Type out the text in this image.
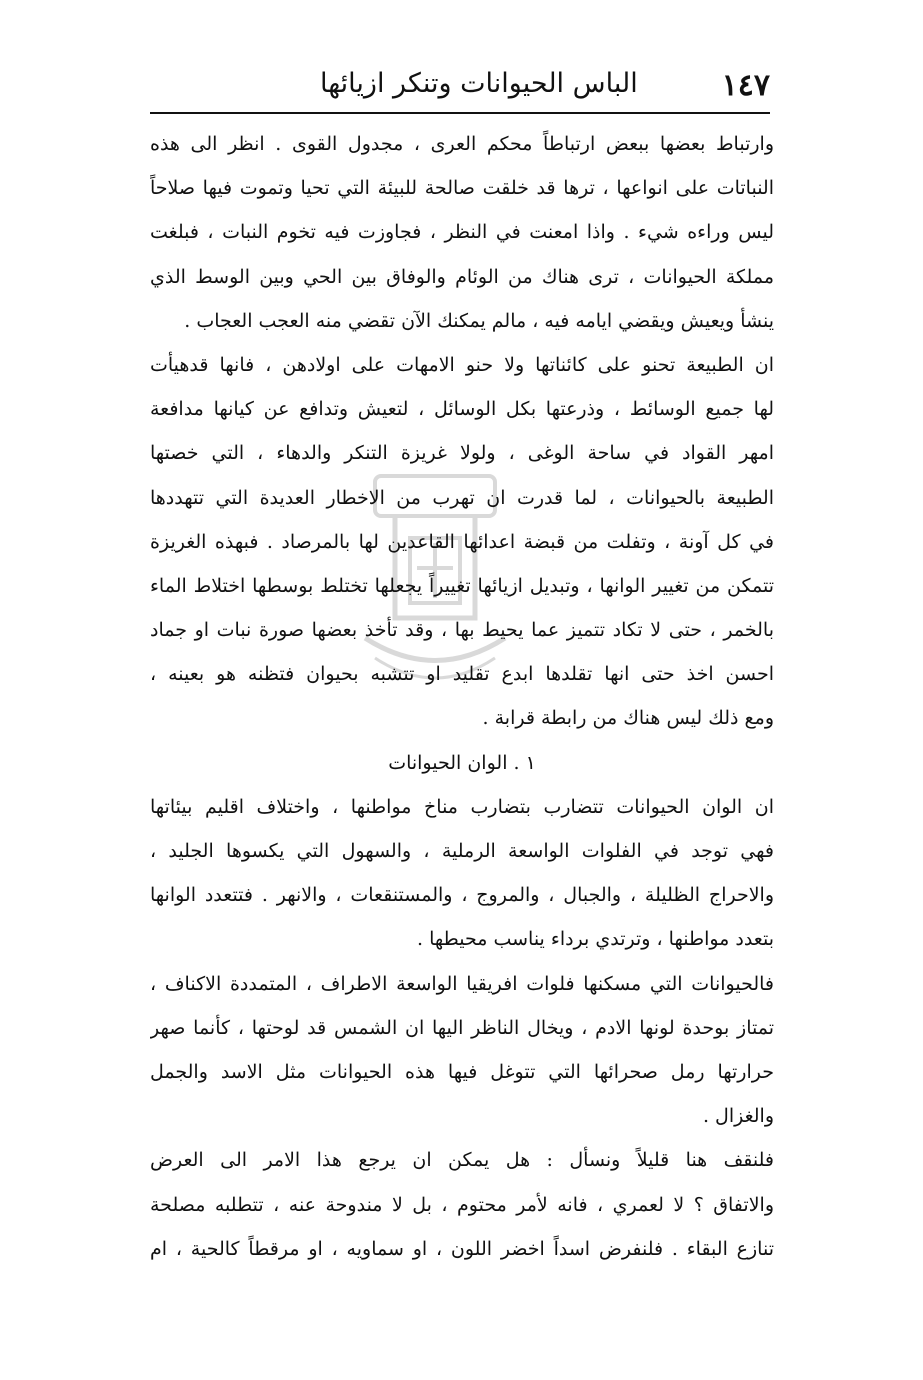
١٤٧
الباس الحيوانات وتنكر ازيائها
وارتباط بعضها ببعض ارتباطاً محكم العرى ، مجدول القوى . انظر الى هذه
النباتات على انواعها ، ترها قد خلقت صالحة للبيئة التي تحيا وتموت فيها صلاحاً
ليس وراءه شيء . واذا امعنت في النظر ، فجاوزت فيه تخوم النبات ، فبلغت
مملكة الحيوانات ، ترى هناك من الوئام والوفاق بين الحي وبين الوسط الذي
ينشأ ويعيش ويقضي ايامه فيه ، مالم يمكنك الآن تقضي منه العجب العجاب .
ان الطبيعة تحنو على كائناتها ولا حنو الامهات على اولادهن ، فانها قدهيأت
لها جميع الوسائط ، وذرعتها بكل الوسائل ، لتعيش وتدافع عن كيانها مدافعة
امهر القواد في ساحة الوغى ، ولولا غريزة التنكر والدهاء ، التي خصتها
الطبيعة بالحيوانات ، لما قدرت ان تهرب من الاخطار العديدة التي تتهددها
في كل آونة ، وتفلت من قبضة اعدائها القاعدين لها بالمرصاد . فبهذه الغريزة
تتمكن من تغيير الوانها ، وتبديل ازيائها تغييراً يجعلها تختلط بوسطها اختلاط الماء
بالخمر ، حتى لا تكاد تتميز عما يحيط بها ، وقد تأخذ بعضها صورة نبات او جماد
احسن اخذ حتى انها تقلدها ابدع تقليد او تتشبه بحيوان فتظنه هو بعينه ،
ومع ذلك ليس هناك من رابطة قرابة .
١ . الوان الحيوانات
ان الوان الحيوانات تتضارب بتضارب مناخ مواطنها ، واختلاف اقليم بيئاتها
فهي توجد في الفلوات الواسعة الرملية ، والسهول التي يكسوها الجليد ،
والاحراج الظليلة ، والجبال ، والمروج ، والمستنقعات ، والانهر . فتتعدد الوانها
بتعدد مواطنها ، وترتدي برداء يناسب محيطها .
فالحيوانات التي مسكنها فلوات افريقيا الواسعة الاطراف ، المتمددة الاكناف ،
تمتاز بوحدة لونها الادم ، ويخال الناظر اليها ان الشمس قد لوحتها ، كأنما صهر
حرارتها رمل صحرائها التي تتوغل فيها هذه الحيوانات مثل الاسد والجمل
والغزال .
فلنقف هنا قليلاً ونسأل : هل يمكن ان يرجع هذا الامر الى العرض
والاتفاق ؟ لا لعمري ، فانه لأمر محتوم ، بل لا مندوحة عنه ، تتطلبه مصلحة
تنازع البقاء . فلنفرض اسداً اخضر اللون ، او سماويه ، او مرقطاً كالحية ، ام
